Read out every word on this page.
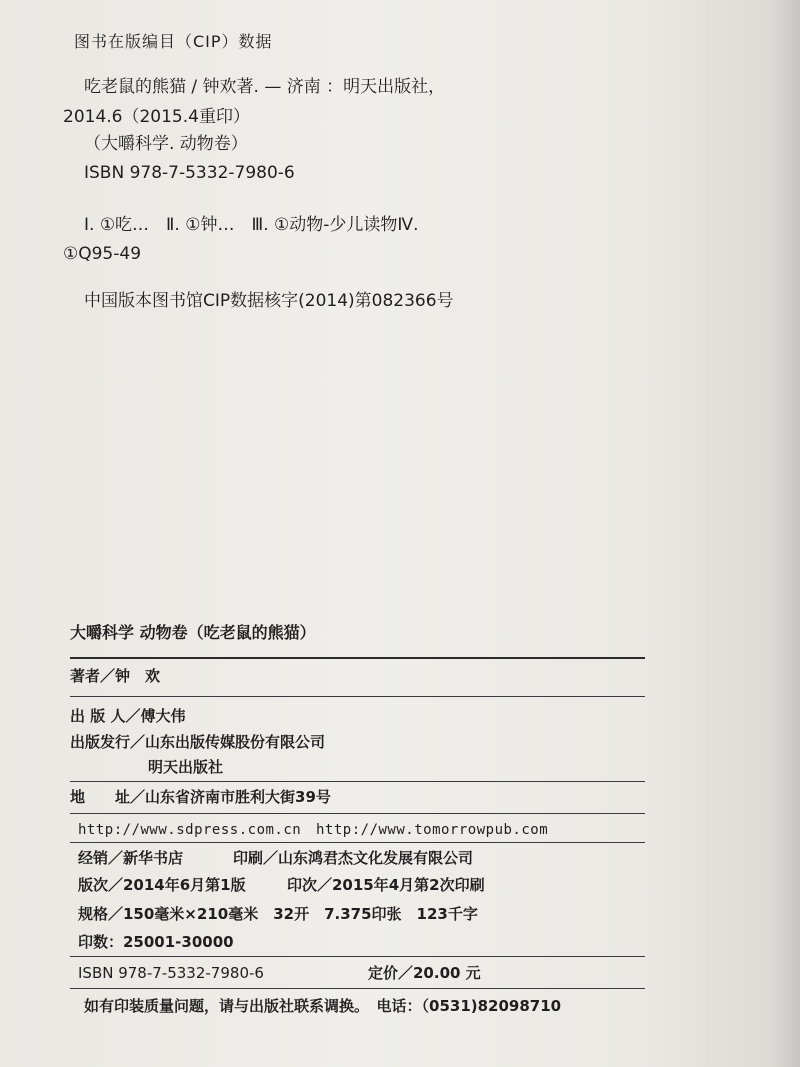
图书在版编目（CIP）数据
吃老鼠的熊猫 / 钟欢著. — 济南 ：明天出版社，
2014.6（2015.4重印）
（大嚼科学. 动物卷）
ISBN 978-7-5332-7980-6
Ⅰ. ①吃…　Ⅱ. ①钟…　Ⅲ. ①动物-少儿读物Ⅳ.
①Q95-49
中国版本图书馆CIP数据核字(2014)第082366号
大嚼科学 动物卷（吃老鼠的熊猫）
著者／钟　欢
出 版 人／傅大伟
出版发行／山东出版传媒股份有限公司
明天出版社
地　　址／山东省济南市胜利大街39号
http://www.sdpress.com.cn http://www.tomorrowpub.com
经销／新华书店	印刷／山东鸿君杰文化发展有限公司
版次／2014年6月第1版	印次／2015年4月第2次印刷
规格／150毫米×210毫米　32开　7.375印张　123千字
印数：25001-30000
ISBN 978-7-5332-7980-6	定价／20.00 元
如有印装质量问题，请与出版社联系调换。　电话：（0531)82098710
